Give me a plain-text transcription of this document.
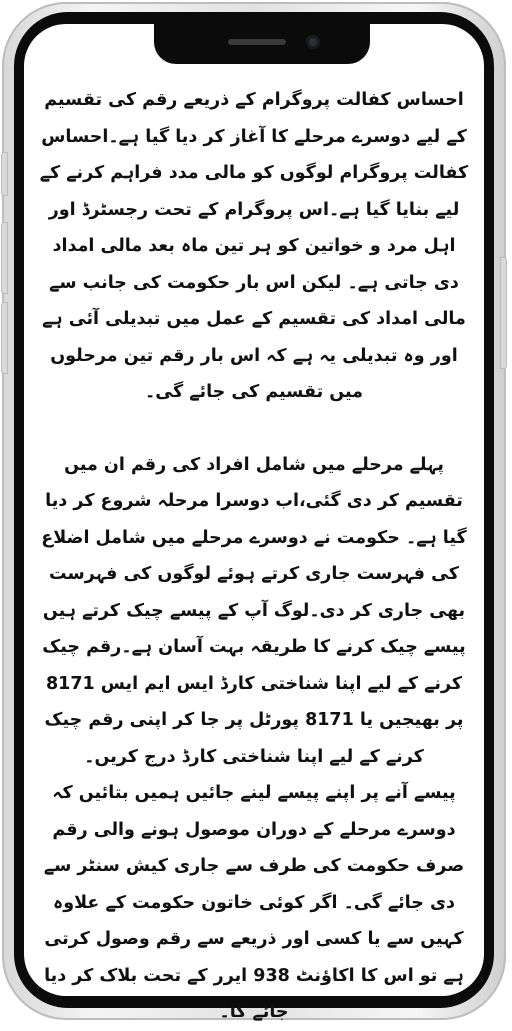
احساس کفالت پروگرام کے ذریعے رقم کی تقسیم کے لیے دوسرے مرحلے کا آغاز کر دیا گیا ہے۔احساس کفالت پروگرام لوگوں کو مالی مدد فراہم کرنے کے لیے بنایا گیا ہے۔اس پروگرام کے تحت رجسٹرڈ اور اہل مرد و خواتین کو ہر تین ماہ بعد مالی امداد دی جاتی ہے۔ لیکن اس بار حکومت کی جانب سے مالی امداد کی تقسیم کے عمل میں تبدیلی آئی ہے اور وہ تبدیلی یہ ہے کہ اس بار رقم تین مرحلوں میں تقسیم کی جائے گی۔

پہلے مرحلے میں شامل افراد کی رقم ان میں تقسیم کر دی گئی،اب دوسرا مرحلہ شروع کر دیا گیا ہے۔ حکومت نے دوسرے مرحلے میں شامل اضلاع کی فہرست جاری کرتے ہوئے لوگوں کی فہرست بھی جاری کر دی۔لوگ آپ کے پیسے چیک کرتے ہیں پیسے چیک کرنے کا طریقہ بہت آسان ہے۔رقم چیک کرنے کے لیے اپنا شناختی کارڈ ایس ایم ایس 8171 پر بھیجیں یا 8171 پورٹل پر جا کر اپنی رقم چیک کرنے کے لیے اپنا شناختی کارڈ درج کریں۔

پیسے آنے پر اپنے پیسے لینے جائیں ہمیں بتائیں کہ دوسرے مرحلے کے دوران موصول ہونے والی رقم صرف حکومت کی طرف سے جاری کیش سنٹر سے دی جائے گی۔ اگر کوئی خاتون حکومت کے علاوہ کہیں سے یا کسی اور ذریعے سے رقم وصول کرتی ہے تو اس کا اکاؤنٹ 938 ایرر کے تحت بلاک کر دیا جائے گا۔
